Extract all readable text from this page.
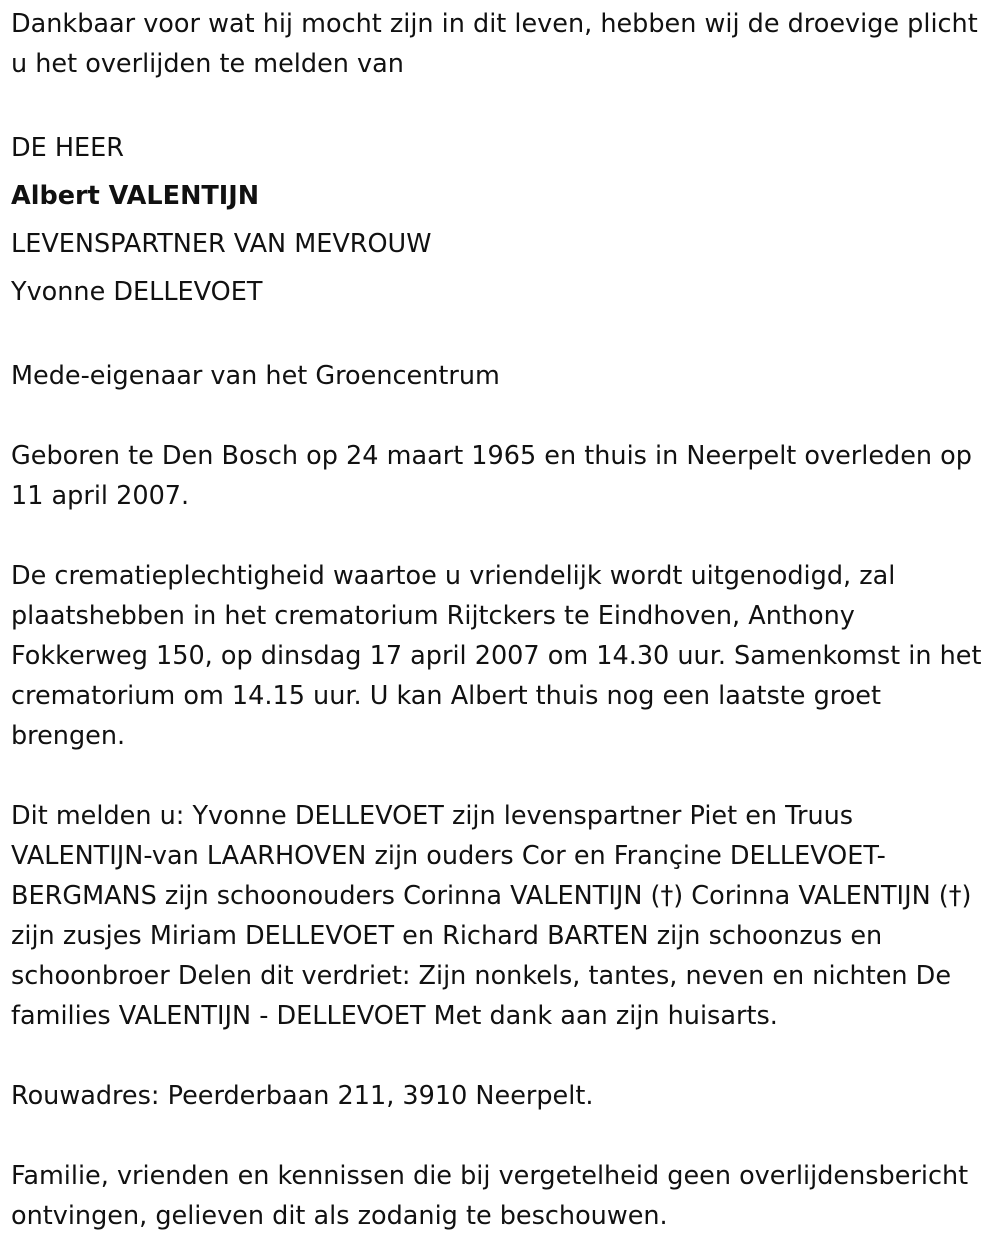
Dankbaar voor wat hij mocht zijn in dit leven, hebben wij de droevige plicht u het overlijden te melden van

DE HEER

Albert VALENTIJN

LEVENSPARTNER VAN MEVROUW

Yvonne DELLEVOET

Mede-eigenaar van het Groencentrum

Geboren te Den Bosch op 24 maart 1965 en thuis in Neerpelt overleden op 11 april 2007.

De crematieplechtigheid waartoe u vriendelijk wordt uitgenodigd, zal plaatshebben in het crematorium Rijtckers te Eindhoven, Anthony Fokkerweg 150, op dinsdag 17 april 2007 om 14.30 uur. Samenkomst in het crematorium om 14.15 uur. U kan Albert thuis nog een laatste groet brengen.

Dit melden u: Yvonne DELLEVOET zijn levenspartner Piet en Truus VALENTIJN-van LAARHOVEN zijn ouders Cor en Françine DELLEVOET-BERGMANS zijn schoonouders Corinna VALENTIJN (†) Corinna VALENTIJN (†) zijn zusjes Miriam DELLEVOET en Richard BARTEN zijn schoonzus en schoonbroer Delen dit verdriet: Zijn nonkels, tantes, neven en nichten De families VALENTIJN - DELLEVOET Met dank aan zijn huisarts.

Rouwadres: Peerderbaan 211, 3910 Neerpelt.

Familie, vrienden en kennissen die bij vergetelheid geen overlijdensbericht ontvingen, gelieven dit als zodanig te beschouwen.
